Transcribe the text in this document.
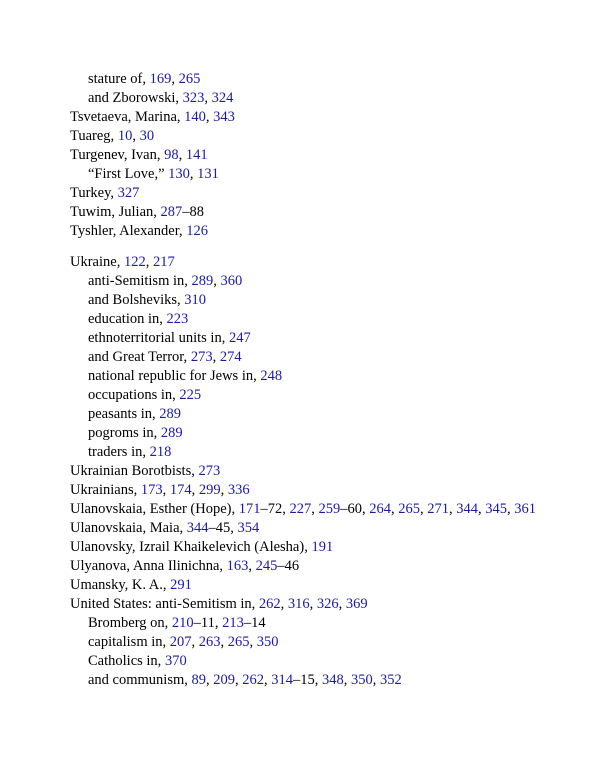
stature of, 169, 265
and Zborowski, 323, 324
Tsvetaeva, Marina, 140, 343
Tuareg, 10, 30
Turgenev, Ivan, 98, 141
“First Love,” 130, 131
Turkey, 327
Tuwim, Julian, 287–88
Tyshler, Alexander, 126
Ukraine, 122, 217
anti-Semitism in, 289, 360
and Bolsheviks, 310
education in, 223
ethnoterritorial units in, 247
and Great Terror, 273, 274
national republic for Jews in, 248
occupations in, 225
peasants in, 289
pogroms in, 289
traders in, 218
Ukrainian Borotbists, 273
Ukrainians, 173, 174, 299, 336
Ulanovskaia, Esther (Hope), 171–72, 227, 259–60, 264, 265, 271, 344, 345, 361
Ulanovskaia, Maia, 344–45, 354
Ulanovsky, Izrail Khaikelevich (Alesha), 191
Ulyanova, Anna Ilinichna, 163, 245–46
Umansky, K. A., 291
United States: anti-Semitism in, 262, 316, 326, 369
Bromberg on, 210–11, 213–14
capitalism in, 207, 263, 265, 350
Catholics in, 370
and communism, 89, 209, 262, 314–15, 348, 350, 352
